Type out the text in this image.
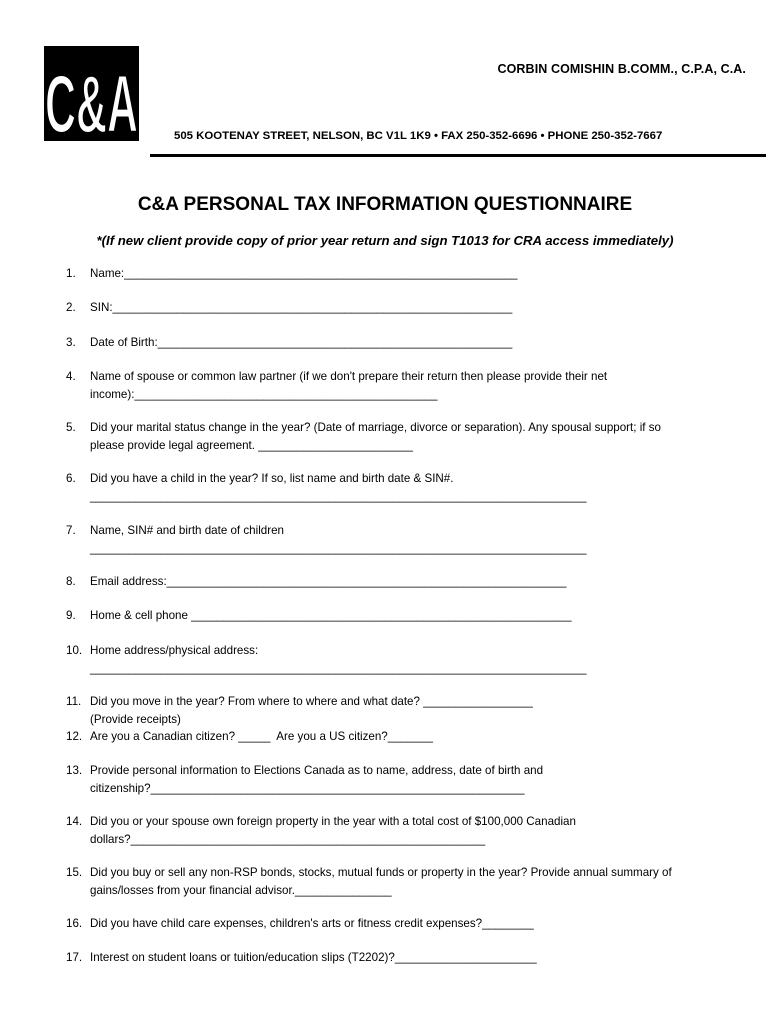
C&A	CORBIN COMISHIN B.COMM., C.P.A, C.A.
505 KOOTENAY STREET, NELSON, BC V1L 1K9 • FAX 250-352-6696 • PHONE 250-352-7667
C&A PERSONAL TAX INFORMATION QUESTIONNAIRE
*(If new client provide copy of prior year return and sign T1013 for CRA access immediately)
1.	Name:_____________________________________________________________
2.	SIN:______________________________________________________________
3.	Date of Birth:_______________________________________________________
4.	Name of spouse or common law partner (if we don't prepare their return then please provide their net
income):_______________________________________________
5.	Did your marital status change in the year? (Date of marriage, divorce or separation). Any spousal support; if so
please provide legal agreement. ________________________
6.	Did you have a child in the year? If so, list name and birth date & SIN#.
_____________________________________________________________________________
7.	Name, SIN# and birth date of children
_____________________________________________________________________________
8.	Email address:______________________________________________________________
9.	Home & cell phone ___________________________________________________________
10. Home address/physical address:
_____________________________________________________________________________
11. Did you move in the year? From where to where and what date? _________________
(Provide receipts)
12. Are you a Canadian citizen? _____  Are you a US citizen?_______
13. Provide personal information to Elections Canada as to name, address, date of birth and
citizenship?__________________________________________________________
14. Did you or your spouse own foreign property in the year with a total cost of $100,000 Canadian
dollars?_______________________________________________________
15. Did you buy or sell any non-RSP bonds, stocks, mutual funds or property in the year? Provide annual summary of
gains/losses from your financial advisor._______________
16. Did you have child care expenses, children's arts or fitness credit expenses?________
17. Interest on student loans or tuition/education slips (T2202)?______________________
